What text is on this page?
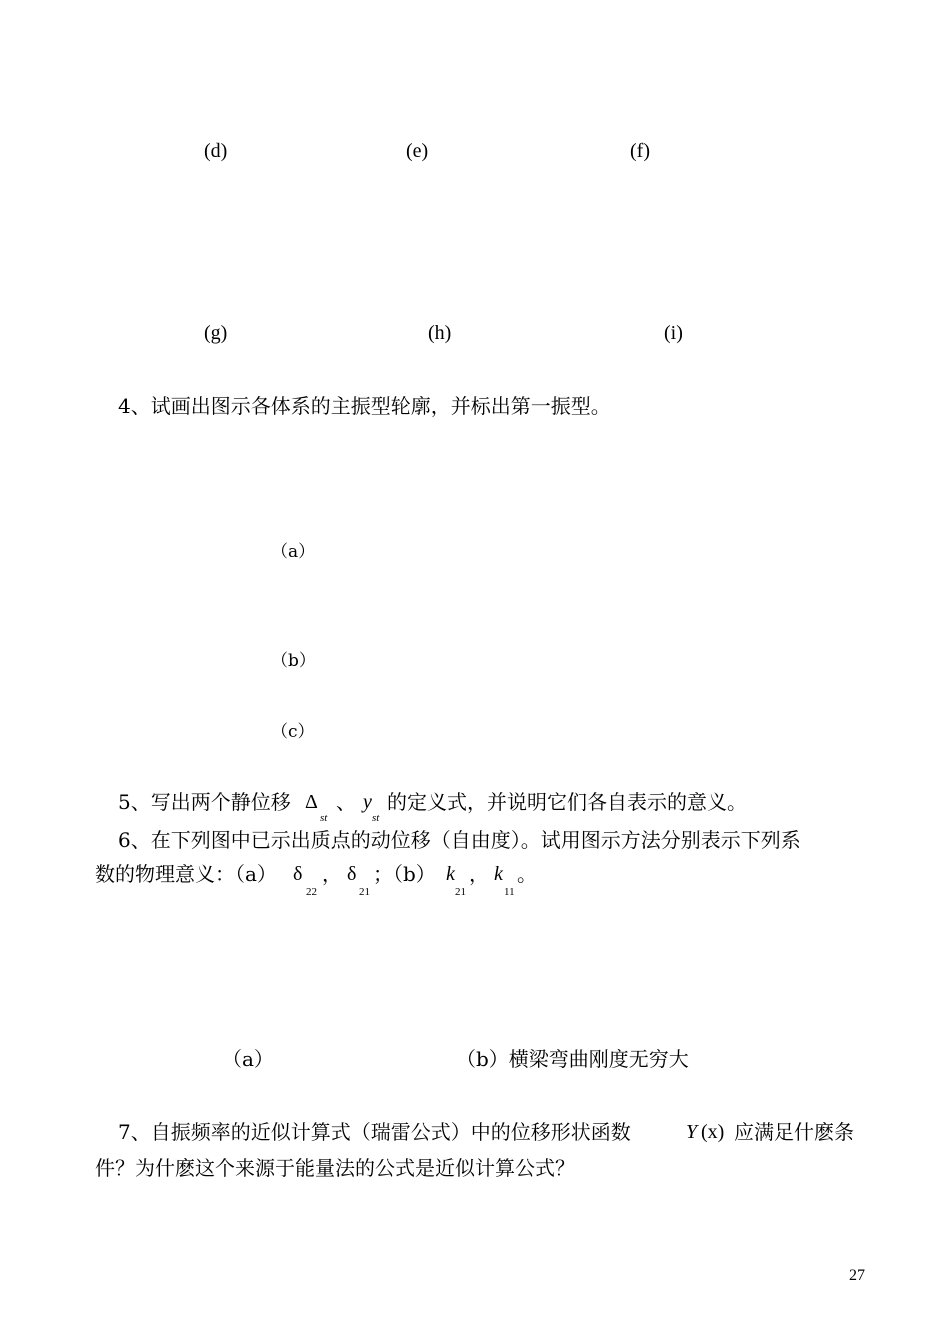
(d)	(e)	(f)
(g)	(h)	(i)
4、试画出图示各体系的主振型轮廓，并标出第一振型。
（a）
（b）
（c）
5、写出两个静位移 Δ
st
、 y
st
的定义式，并说明它们各自表示的意义。
6、在下列图中已示出质点的动位移（自由度）。试用图示方法分别表示下列系
数的物理意义：（a） δ
22
， δ
21
；（b） k
21
， k
11
。
（a）	（b）横梁弯曲刚度无穷大
7、自振频率的近似计算式（瑞雷公式）中的位移形状函数	Y (x) 应满足什麽条
件？为什麽这个来源于能量法的公式是近似计算公式？
27
